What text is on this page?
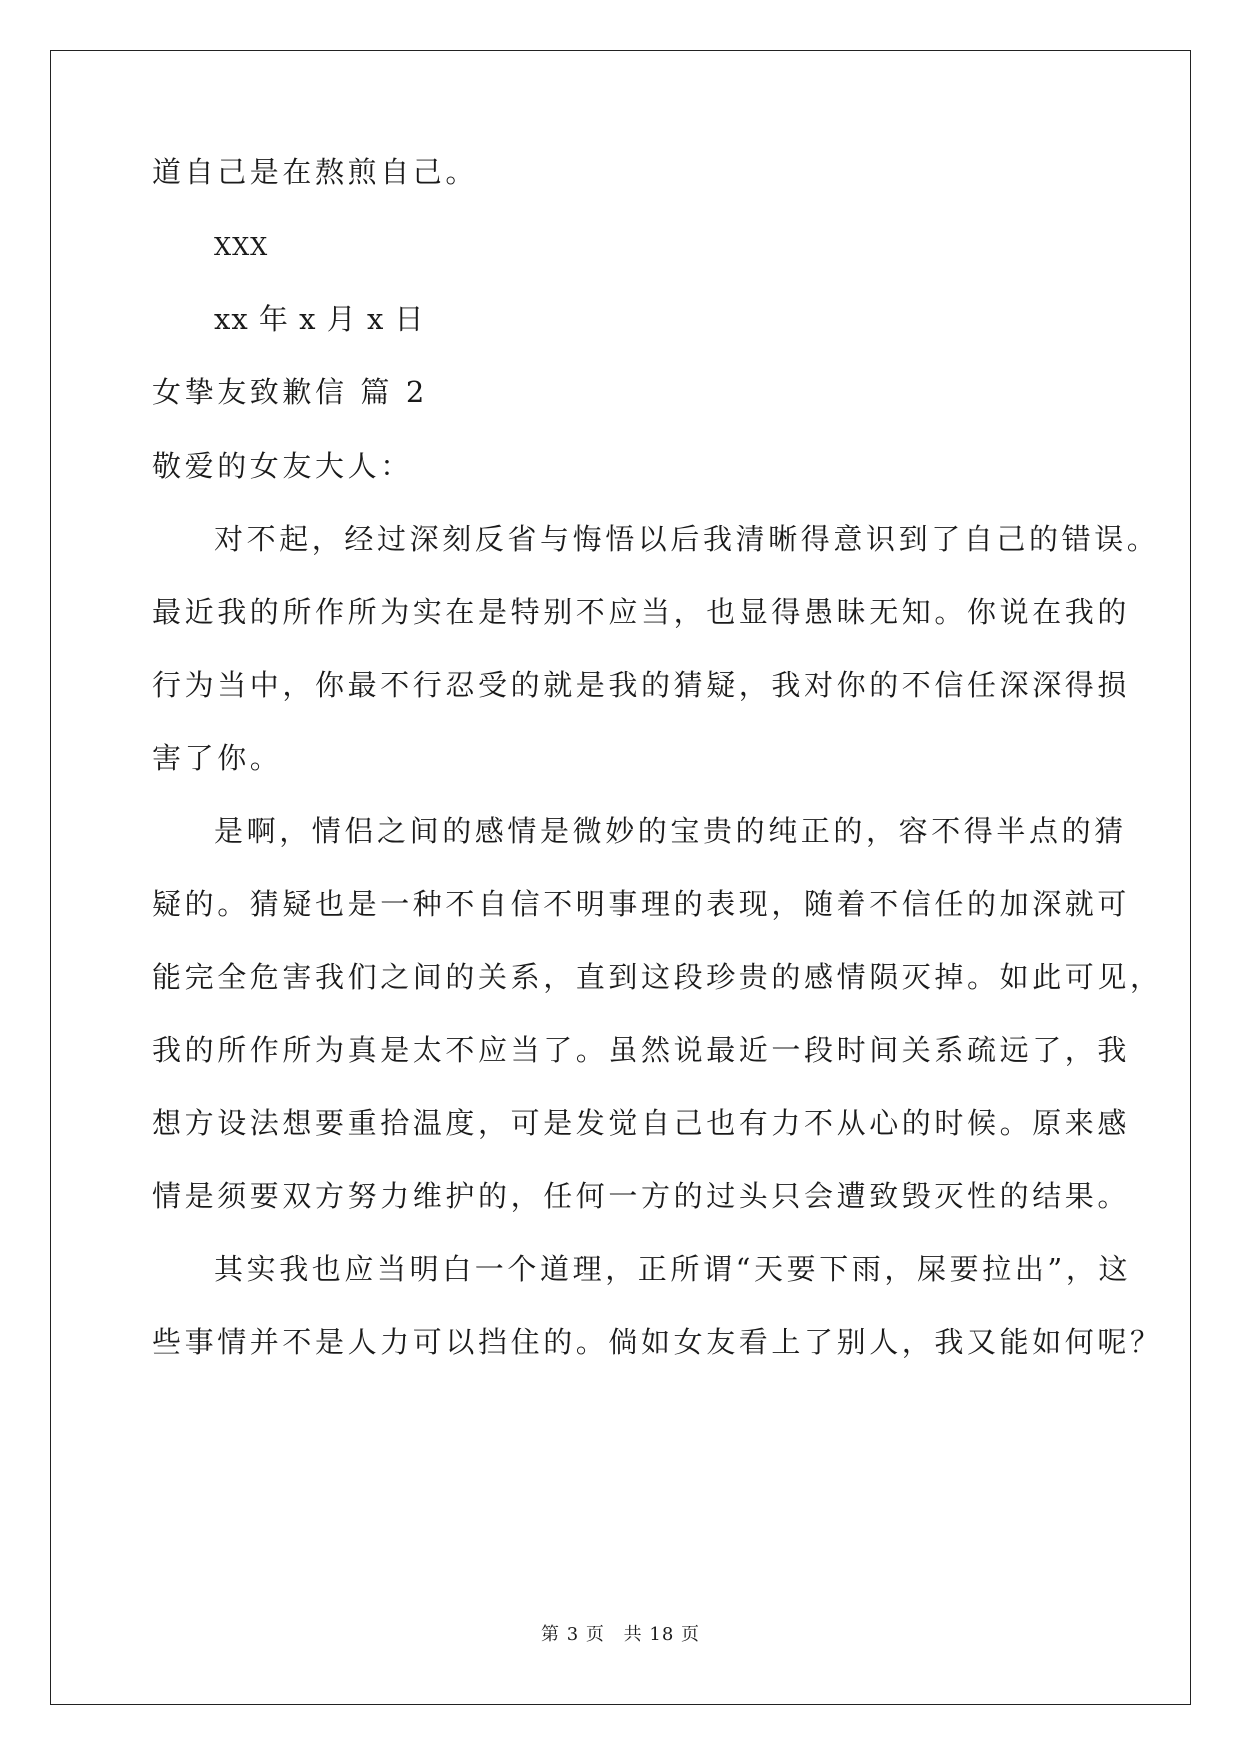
道自己是在熬煎自己。
XXX
xx 年 x 月 x 日
女挚友致歉信 篇 2
敬爱的女友大人：
对不起，经过深刻反省与悔悟以后我清晰得意识到了自己的错误。
最近我的所作所为实在是特别不应当，也显得愚昧无知。你说在我的
行为当中，你最不行忍受的就是我的猜疑，我对你的不信任深深得损
害了你。
是啊，情侣之间的感情是微妙的宝贵的纯正的，容不得半点的猜
疑的。猜疑也是一种不自信不明事理的表现，随着不信任的加深就可
能完全危害我们之间的关系，直到这段珍贵的感情陨灭掉。如此可见，
我的所作所为真是太不应当了。虽然说最近一段时间关系疏远了，我
想方设法想要重拾温度，可是发觉自己也有力不从心的时候。原来感
情是须要双方努力维护的，任何一方的过头只会遭致毁灭性的结果。
其实我也应当明白一个道理，正所谓“天要下雨，屎要拉出”，这
些事情并不是人力可以挡住的。倘如女友看上了别人，我又能如何呢？
第 3 页 共 18 页
